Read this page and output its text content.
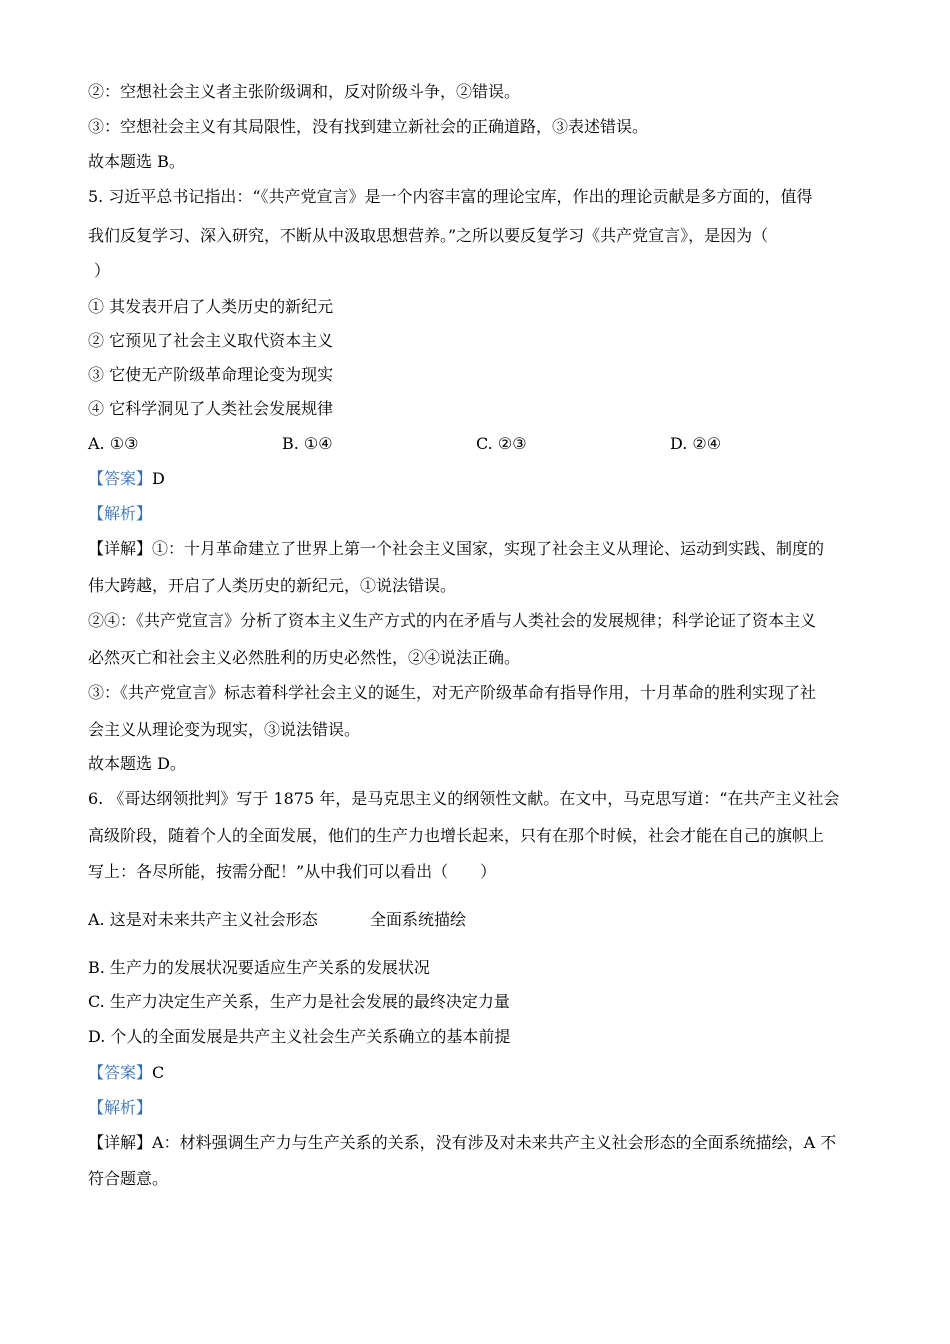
②：空想社会主义者主张阶级调和，反对阶级斗争，②错误。
③：空想社会主义有其局限性，没有找到建立新社会的正确道路，③表述错误。
故本题选 B。
5. 习近平总书记指出：“《共产党宣言》是一个内容丰富的理论宝库，作出的理论贡献是多方面的，值得
我们反复学习、深入研究，不断从中汲取思想营养。”之所以要反复学习《共产党宣言》，是因为（
）
① 其发表开启了人类历史的新纪元
② 它预见了社会主义取代资本主义
③ 它使无产阶级革命理论变为现实
④ 它科学洞见了人类社会发展规律
A. ①③	B. ①④	C. ②③	D. ②④
【答案】D
【解析】
【详解】①：十月革命建立了世界上第一个社会主义国家，实现了社会主义从理论、运动到实践、制度的
伟大跨越，开启了人类历史的新纪元，①说法错误。
②④：《共产党宣言》分析了资本主义生产方式的内在矛盾与人类社会的发展规律；科学论证了资本主义
必然灭亡和社会主义必然胜利的历史必然性，②④说法正确。
③：《共产党宣言》标志着科学社会主义的诞生，对无产阶级革命有指导作用，十月革命的胜利实现了社
会主义从理论变为现实，③说法错误。
故本题选 D。
6. 《哥达纲领批判》写于 1875 年，是马克思主义的纲领性文献。在文中，马克思写道：“在共产主义社会
高级阶段，随着个人的全面发展，他们的生产力也增长起来，只有在那个时候，社会才能在自己的旗帜上
写上：各尽所能，按需分配！”从中我们可以看出（　　）
A. 这是对未来共产主义社会形态	全面系统描绘
B. 生产力的发展状况要适应生产关系的发展状况
C. 生产力决定生产关系，生产力是社会发展的最终决定力量
D. 个人的全面发展是共产主义社会生产关系确立的基本前提
【答案】C
【解析】
【详解】A：材料强调生产力与生产关系的关系，没有涉及对未来共产主义社会形态的全面系统描绘，A 不
符合题意。
